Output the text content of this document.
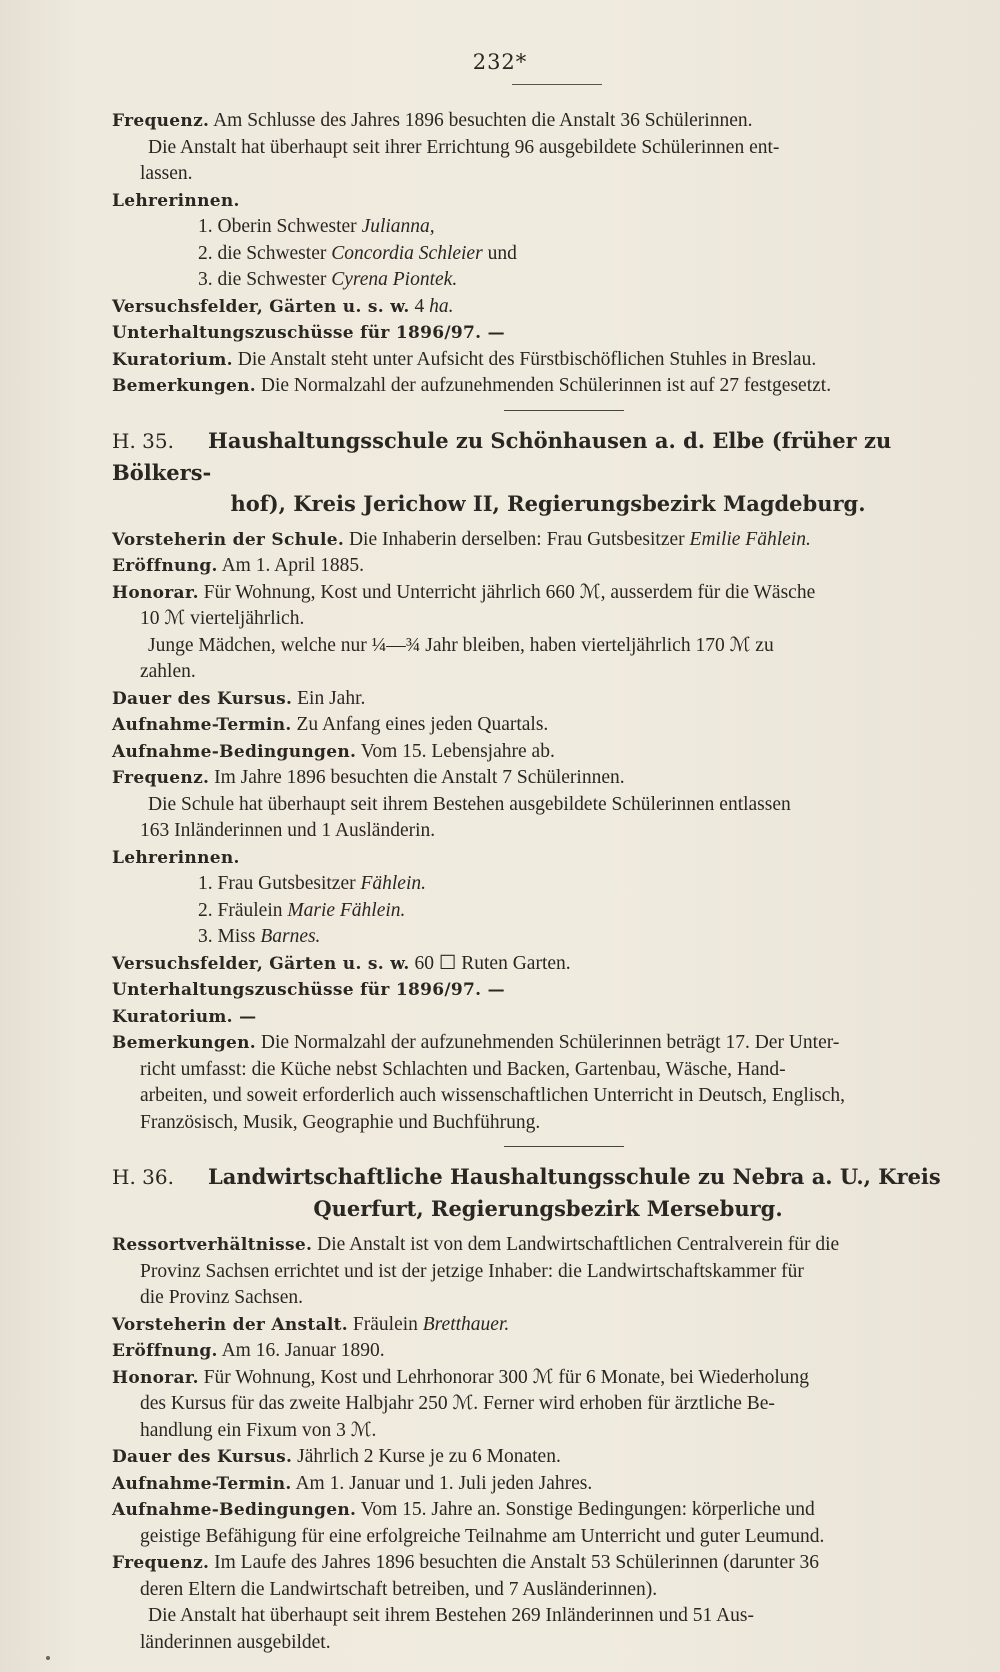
232*

Frequenz. Am Schlusse des Jahres 1896 besuchten die Anstalt 36 Schülerinnen.

Die Anstalt hat überhaupt seit ihrer Errichtung 96 ausgebildete Schülerinnen ent-

lassen.

Lehrerinnen.

1. Oberin Schwester Julianna,

2. die Schwester Concordia Schleier und

3. die Schwester Cyrena Piontek.

Versuchsfelder, Gärten u. s. w. 4 ha.

Unterhaltungszuschüsse für 1896/97. —

Kuratorium. Die Anstalt steht unter Aufsicht des Fürstbischöflichen Stuhles in Breslau.

Bemerkungen. Die Normalzahl der aufzunehmenden Schülerinnen ist auf 27 festgesetzt.

H. 35. Haushaltungsschule zu Schönhausen a. d. Elbe (früher zu Bölkers-
hof), Kreis Jerichow II, Regierungsbezirk Magdeburg.

Vorsteherin der Schule. Die Inhaberin derselben: Frau Gutsbesitzer Emilie Fählein.

Eröffnung. Am 1. April 1885.

Honorar. Für Wohnung, Kost und Unterricht jährlich 660 ℳ, ausserdem für die Wäsche

10 ℳ vierteljährlich.

Junge Mädchen, welche nur ¼—¾ Jahr bleiben, haben vierteljährlich 170 ℳ zu

zahlen.

Dauer des Kursus. Ein Jahr.

Aufnahme-Termin. Zu Anfang eines jeden Quartals.

Aufnahme-Bedingungen. Vom 15. Lebensjahre ab.

Frequenz. Im Jahre 1896 besuchten die Anstalt 7 Schülerinnen.

Die Schule hat überhaupt seit ihrem Bestehen ausgebildete Schülerinnen entlassen

163 Inländerinnen und 1 Ausländerin.

Lehrerinnen.

1. Frau Gutsbesitzer Fählein.

2. Fräulein Marie Fählein.

3. Miss Barnes.

Versuchsfelder, Gärten u. s. w. 60 ☐ Ruten Garten.

Unterhaltungszuschüsse für 1896/97. —

Kuratorium. —

Bemerkungen. Die Normalzahl der aufzunehmenden Schülerinnen beträgt 17. Der Unter-

richt umfasst: die Küche nebst Schlachten und Backen, Gartenbau, Wäsche, Hand-

arbeiten, und soweit erforderlich auch wissenschaftlichen Unterricht in Deutsch, Englisch,

Französisch, Musik, Geographie und Buchführung.

H. 36. Landwirtschaftliche Haushaltungsschule zu Nebra a. U., Kreis
Querfurt, Regierungsbezirk Merseburg.

Ressortverhältnisse. Die Anstalt ist von dem Landwirtschaftlichen Centralverein für die

Provinz Sachsen errichtet und ist der jetzige Inhaber: die Landwirtschaftskammer für

die Provinz Sachsen.

Vorsteherin der Anstalt. Fräulein Bretthauer.

Eröffnung. Am 16. Januar 1890.

Honorar. Für Wohnung, Kost und Lehrhonorar 300 ℳ für 6 Monate, bei Wiederholung

des Kursus für das zweite Halbjahr 250 ℳ. Ferner wird erhoben für ärztliche Be-

handlung ein Fixum von 3 ℳ.

Dauer des Kursus. Jährlich 2 Kurse je zu 6 Monaten.

Aufnahme-Termin. Am 1. Januar und 1. Juli jeden Jahres.

Aufnahme-Bedingungen. Vom 15. Jahre an. Sonstige Bedingungen: körperliche und

geistige Befähigung für eine erfolgreiche Teilnahme am Unterricht und guter Leumund.

Frequenz. Im Laufe des Jahres 1896 besuchten die Anstalt 53 Schülerinnen (darunter 36

deren Eltern die Landwirtschaft betreiben, und 7 Ausländerinnen).

Die Anstalt hat überhaupt seit ihrem Bestehen 269 Inländerinnen und 51 Aus-

länderinnen ausgebildet.
